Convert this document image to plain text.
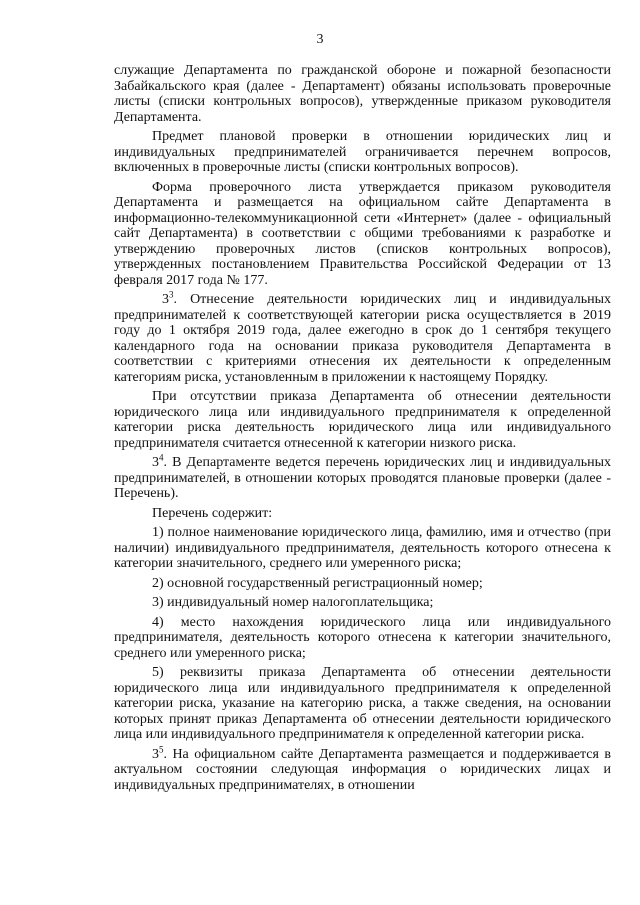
3

служащие Департамента по гражданской обороне и пожарной безопасности Забайкальского края (далее - Департамент) обязаны использовать проверочные листы (списки контрольных вопросов), утвержденные приказом руководителя Департамента.

Предмет плановой проверки в отношении юридических лиц и индивидуальных предпринимателей ограничивается перечнем вопросов, включенных в проверочные листы (списки контрольных вопросов).

Форма проверочного листа утверждается приказом руководителя Департамента и размещается на официальном сайте Департамента в информационно-телекоммуникационной сети «Интернет» (далее - официальный сайт Департамента) в соответствии с общими требованиями к разработке и утверждению проверочных листов (списков контрольных вопросов), утвержденных постановлением Правительства Российской Федерации от 13 февраля 2017 года № 177.

$3^3$. Отнесение деятельности юридических лиц и индивидуальных предпринимателей к соответствующей категории риска осуществляется в 2019 году до 1 октября 2019 года, далее ежегодно в срок до 1 сентября текущего календарного года на основании приказа руководителя Департамента в соответствии с критериями отнесения их деятельности к определенным категориям риска, установленным в приложении к настоящему Порядку.

При отсутствии приказа Департамента об отнесении деятельности юридического лица или индивидуального предпринимателя к определенной категории риска деятельность юридического лица или индивидуального предпринимателя считается отнесенной к категории низкого риска.

$3^4$. В Департаменте ведется перечень юридических лиц и индивидуальных предпринимателей, в отношении которых проводятся плановые проверки (далее - Перечень).

Перечень содержит:

1) полное наименование юридического лица, фамилию, имя и отчество (при наличии) индивидуального предпринимателя, деятельность которого отнесена к категории значительного, среднего или умеренного риска;

2) основной государственный регистрационный номер;

3) индивидуальный номер налогоплательщика;

4) место нахождения юридического лица или индивидуального предпринимателя, деятельность которого отнесена к категории значительного, среднего или умеренного риска;

5) реквизиты приказа Департамента об отнесении деятельности юридического лица или индивидуального предпринимателя к определенной категории риска, указание на категорию риска, а также сведения, на основании которых принят приказ Департамента об отнесении деятельности юридического лица или индивидуального предпринимателя к определенной категории риска.

$3^5$. На официальном сайте Департамента размещается и поддерживается в актуальном состоянии следующая информация о юридических лицах и индивидуальных предпринимателях, в отношении
